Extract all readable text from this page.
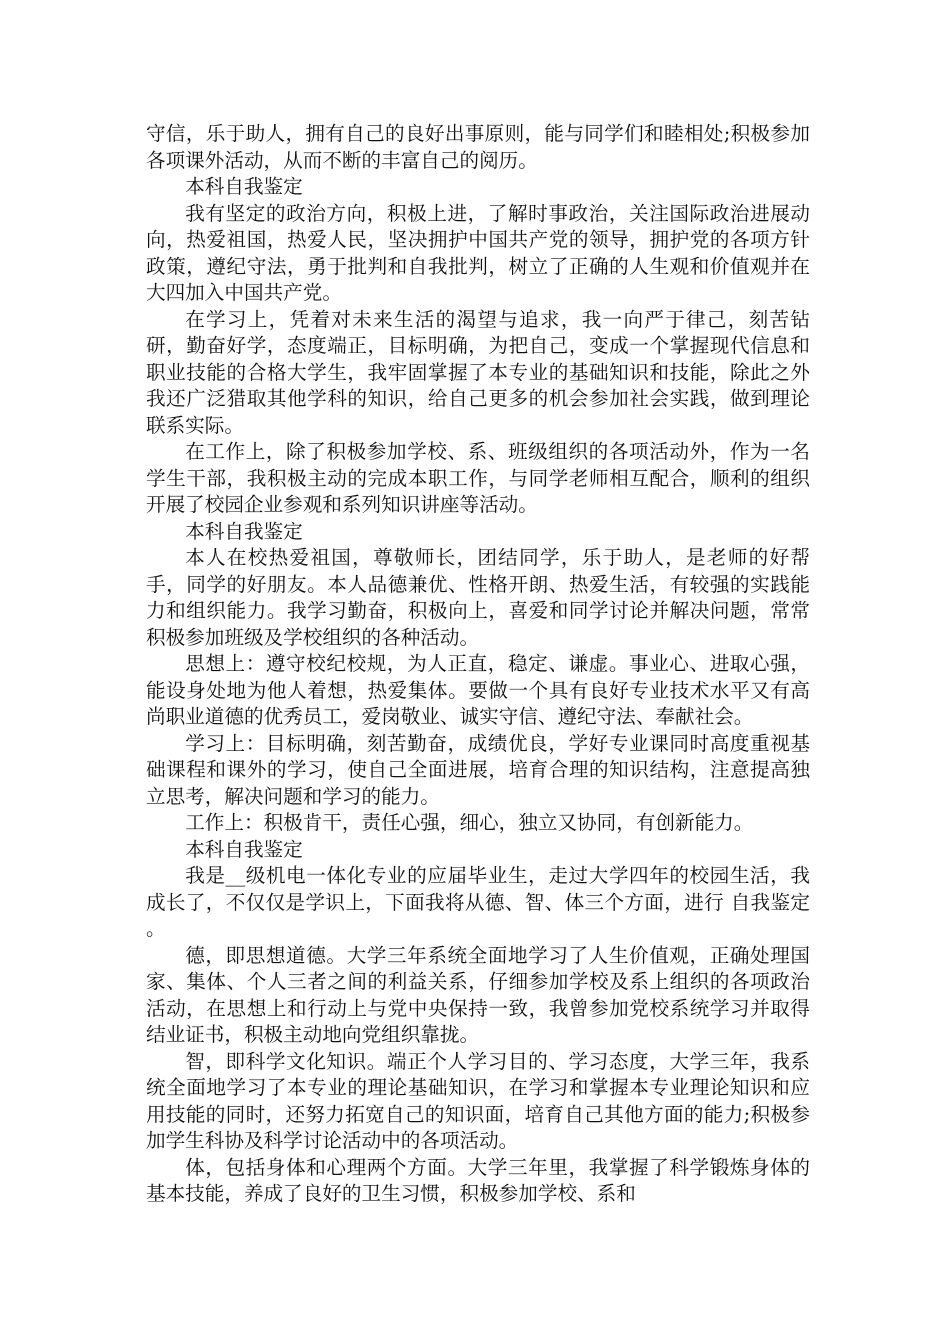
守信，乐于助人，拥有自己的良好出事原则，能与同学们和睦相处;积极参加各项课外活动，从而不断的丰富自己的阅历。

本科自我鉴定

我有坚定的政治方向，积极上进，了解时事政治，关注国际政治进展动向，热爱祖国，热爱人民，坚决拥护中国共产党的领导，拥护党的各项方针政策，遵纪守法，勇于批判和自我批判，树立了正确的人生观和价值观并在大四加入中国共产党。

在学习上，凭着对未来生活的渴望与追求，我一向严于律己，刻苦钻研，勤奋好学，态度端正，目标明确，为把自己，变成一个掌握现代信息和职业技能的合格大学生，我牢固掌握了本专业的基础知识和技能，除此之外我还广泛猎取其他学科的知识，给自己更多的机会参加社会实践，做到理论联系实际。

在工作上，除了积极参加学校、系、班级组织的各项活动外，作为一名学生干部，我积极主动的完成本职工作，与同学老师相互配合，顺利的组织开展了校园企业参观和系列知识讲座等活动。

本科自我鉴定

本人在校热爱祖国，尊敬师长，团结同学，乐于助人，是老师的好帮手，同学的好朋友。本人品德兼优、性格开朗、热爱生活，有较强的实践能力和组织能力。我学习勤奋，积极向上，喜爱和同学讨论并解决问题，常常积极参加班级及学校组织的各种活动。

思想上：遵守校纪校规，为人正直，稳定、谦虚。事业心、进取心强，能设身处地为他人着想，热爱集体。要做一个具有良好专业技术水平又有高尚职业道德的优秀员工，爱岗敬业、诚实守信、遵纪守法、奉献社会。

学习上：目标明确，刻苦勤奋，成绩优良，学好专业课同时高度重视基础课程和课外的学习，使自己全面进展，培育合理的知识结构，注意提高独立思考，解决问题和学习的能力。

工作上：积极肯干，责任心强，细心，独立又协同，有创新能力。

本科自我鉴定

我是__级机电一体化专业的应届毕业生，走过大学四年的校园生活，我成长了，不仅仅是学识上，下面我将从德、智、体三个方面，进行 自我鉴定 。

德，即思想道德。大学三年系统全面地学习了人生价值观，正确处理国家、集体、个人三者之间的利益关系，仔细参加学校及系上组织的各项政治活动，在思想上和行动上与党中央保持一致，我曾参加党校系统学习并取得结业证书，积极主动地向党组织靠拢。

智，即科学文化知识。端正个人学习目的、学习态度，大学三年，我系统全面地学习了本专业的理论基础知识，在学习和掌握本专业理论知识和应用技能的同时，还努力拓宽自己的知识面，培育自己其他方面的能力;积极参加学生科协及科学讨论活动中的各项活动。

体，包括身体和心理两个方面。大学三年里，我掌握了科学锻炼身体的基本技能，养成了良好的卫生习惯，积极参加学校、系和
